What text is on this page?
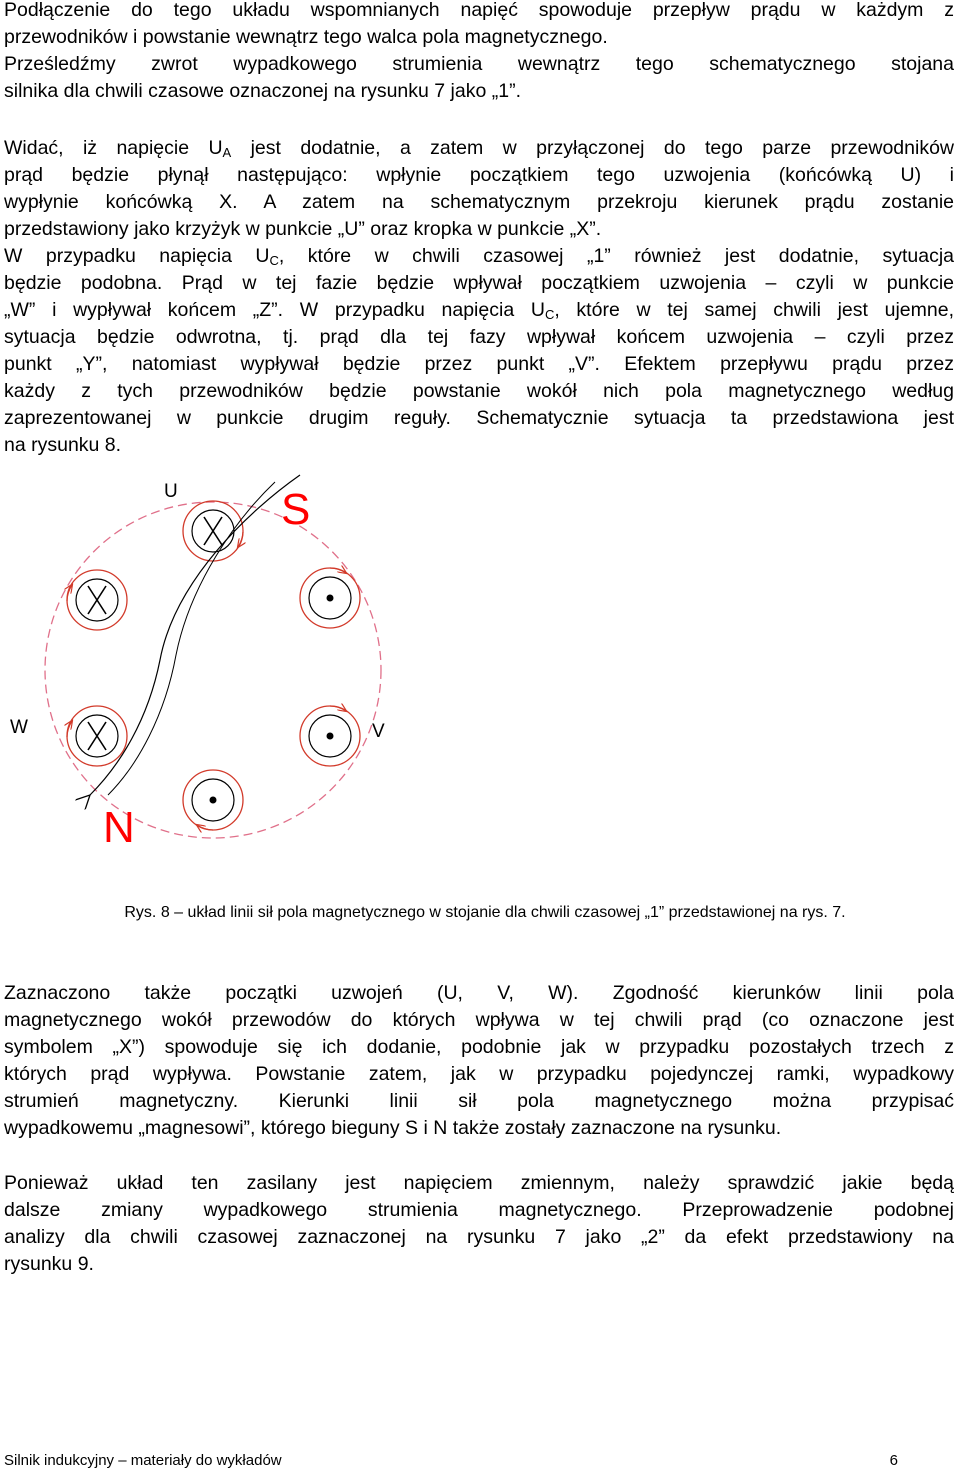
Podłączenie do tego układu wspomnianych napięć spowoduje przepływ prądu w każdym z
przewodników i powstanie wewnątrz tego walca pola magnetycznego.
Prześledźmy zwrot wypadkowego strumienia wewnątrz tego schematycznego stojana
silnika dla chwili czasowe oznaczonej na rysunku 7 jako „1”.
Widać, iż napięcie $U_A$ jest dodatnie, a zatem w przyłączonej do tego parze przewodników
prąd będzie płynął następująco: wpłynie początkiem tego uzwojenia (końcówką U) i
wypłynie końcówką X. A zatem na schematycznym przekroju kierunek prądu zostanie
przedstawiony jako krzyżyk w punkcie „U” oraz kropka w punkcie „X”.
W przypadku napięcia $U_C$, które w chwili czasowej „1” również jest dodatnie, sytuacja
będzie podobna. Prąd w tej fazie będzie wpływał początkiem uzwojenia – czyli w punkcie
„W” i wypływał końcem „Z”. W przypadku napięcia $U_C$, które w tej samej chwili jest ujemne,
sytuacja będzie odwrotna, tj. prąd dla tej fazy wpływał końcem uzwojenia – czyli przez
punkt „Y”, natomiast wypływał będzie przez punkt „V”. Efektem przepływu prądu przez
każdy z tych przewodników będzie powstanie wokół nich pola magnetycznego według
zaprezentowanej w punkcie drugim reguły. Schematycznie sytuacja ta przedstawiona jest
na rysunku 8.
U
V
W
S
N
Rys. 8 – układ linii sił pola magnetycznego w stojanie dla chwili czasowej „1” przedstawionej na rys. 7.
Zaznaczono także początki uzwojeń (U, V, W). Zgodność kierunków linii pola
magnetycznego wokół przewodów do których wpływa w tej chwili prąd (co oznaczone jest
symbolem „X”) spowoduje się ich dodanie, podobnie jak w przypadku pozostałych trzech z
których prąd wypływa. Powstanie zatem, jak w przypadku pojedynczej ramki, wypadkowy
strumień magnetyczny. Kierunki linii sił pola magnetycznego można przypisać
wypadkowemu „magnesowi”, którego bieguny S i N także zostały zaznaczone na rysunku.
Ponieważ układ ten zasilany jest napięciem zmiennym, należy sprawdzić jakie będą
dalsze zmiany wypadkowego strumienia magnetycznego. Przeprowadzenie podobnej
analizy dla chwili czasowej zaznaczonej na rysunku 7 jako „2” da efekt przedstawiony na
rysunku 9.
Silnik indukcyjny – materiały do wykładów	6
